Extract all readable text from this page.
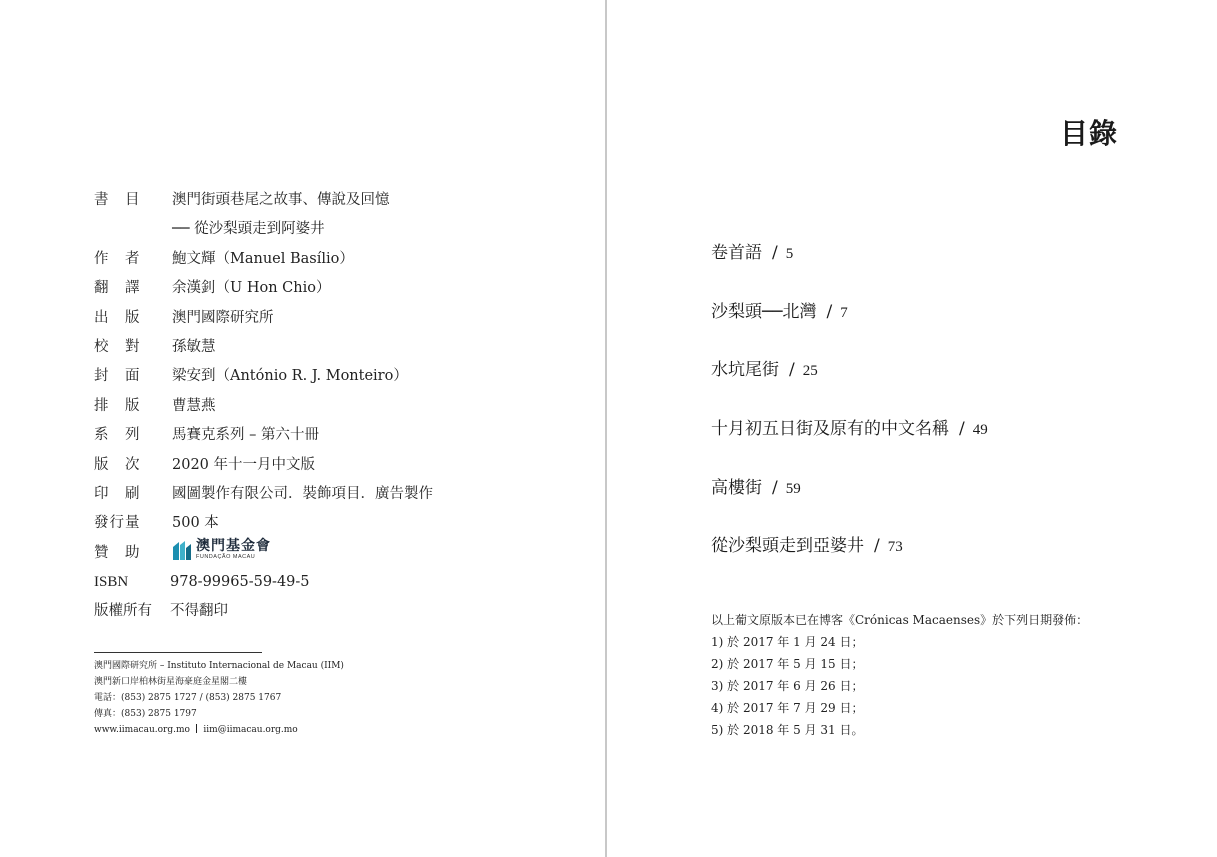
書　目	澳門街頭巷尾之故事、傳說及回憶
── 從沙梨頭走到阿婆井
作　者	鮑文輝（Manuel Basílio）
翻　譯	余漢釗（U Hon Chio）
出　版	澳門國際研究所
校　對	孫敏慧
封　面	梁安到（António R. J. Monteiro）
排　版	曹慧燕
系　列	馬賽克系列 – 第六十冊
版　次	2020 年十一月中文版
印　刷	國圖製作有限公司．裝飾項目．廣告製作
發行量	500 本
贊　助	澳門基金會
FUNDAÇÃO MACAU
ISBN	978-99965-59-49-5
版權所有	不得翻印
澳門國際研究所 – Instituto Internacional de Macau (IIM)
澳門新口岸柏林街星海豪庭金星閣二樓
電話：(853) 2875 1727 / (853) 2875 1767
傳真：(853) 2875 1797
www.iimacau.org.mo iim@iimacau.org.mo
目錄
卷首語 / 5
沙梨頭──北灣 / 7
水坑尾街 / 25
十月初五日街及原有的中文名稱 / 49
高樓街 / 59
從沙梨頭走到亞婆井 / 73
以上葡文原版本已在博客《Crónicas Macaenses》於下列日期發佈：
1) 於 2017 年 1 月 24 日；
2) 於 2017 年 5 月 15 日；
3) 於 2017 年 6 月 26 日；
4) 於 2017 年 7 月 29 日；
5) 於 2018 年 5 月 31 日。
